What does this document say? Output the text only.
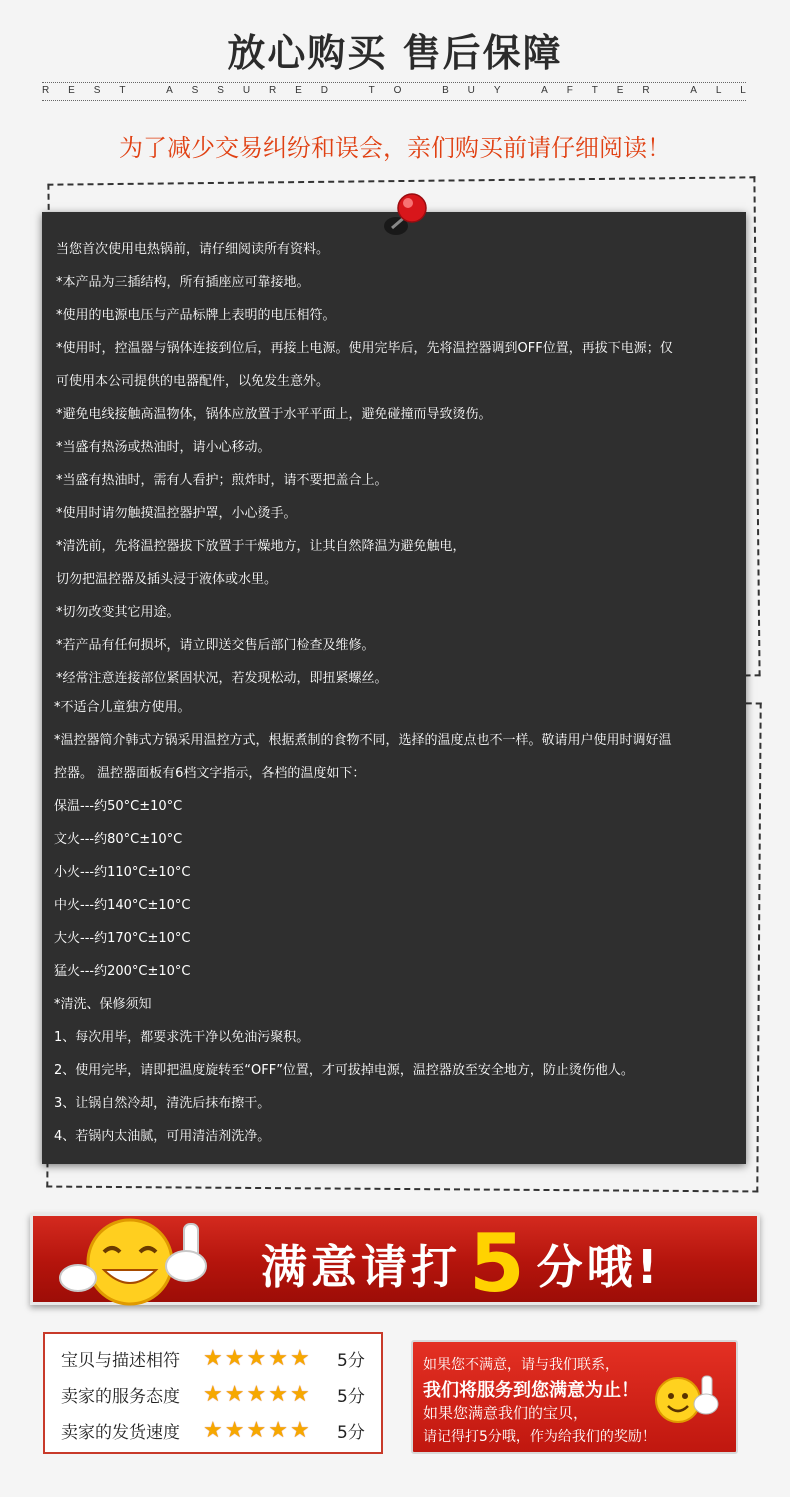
放心购买 售后保障
R E S T
	A S S U R E D
	T O
	B U Y
	A F T E R
	A L L
为了减少交易纠纷和误会，亲们购买前请仔细阅读！
当您首次使用电热锅前，请仔细阅读所有资料。
*本产品为三插结构，所有插座应可靠接地。
*使用的电源电压与产品标牌上表明的电压相符。
*使用时，控温器与锅体连接到位后，再接上电源。使用完毕后，先将温控器调到OFF位置，再拔下电源；仅
可使用本公司提供的电器配件，以免发生意外。
*避免电线接触高温物体，锅体应放置于水平平面上，避免碰撞而导致烫伤。
*当盛有热汤或热油时，请小心移动。
*当盛有热油时，需有人看护；煎炸时，请不要把盖合上。
*使用时请勿触摸温控器护罩，小心烫手。
*清洗前，先将温控器拔下放置于干燥地方，让其自然降温为避免触电，
切勿把温控器及插头浸于液体或水里。
*切勿改变其它用途。
*若产品有任何损坏，请立即送交售后部门检查及维修。
*经常注意连接部位紧固状况，若发现松动，即扭紧螺丝。
*不适合儿童独方使用。
*温控器简介韩式方锅采用温控方式，根据煮制的食物不同，选择的温度点也不一样。敬请用户使用时调好温
控器。 温控器面板有6档文字指示，各档的温度如下：
保温---约50°C±10°C
文火---约80°C±10°C
小火---约110°C±10°C
中火---约140°C±10°C
大火---约170°C±10°C
猛火---约200°C±10°C
*清洗、保修须知
1、每次用毕，都要求洗干净以免油污聚积。
2、使用完毕，请即把温度旋转至“OFF”位置，才可拔掉电源，温控器放至安全地方，防止烫伤他人。
3、让锅自然冷却，清洗后抹布擦干。
4、若锅内太油腻，可用清洁剂洗净。
满意请打 5 分哦!
宝贝与描述相符	★ ★ ★ ★ ★ 5分
卖家的服务态度	★ ★ ★ ★ ★ 5分
卖家的发货速度	★ ★ ★ ★ ★ 5分
如果您不满意，请与我们联系，
我们将服务到您满意为止！
如果您满意我们的宝贝，
请记得打5分哦，作为给我们的奖励！
